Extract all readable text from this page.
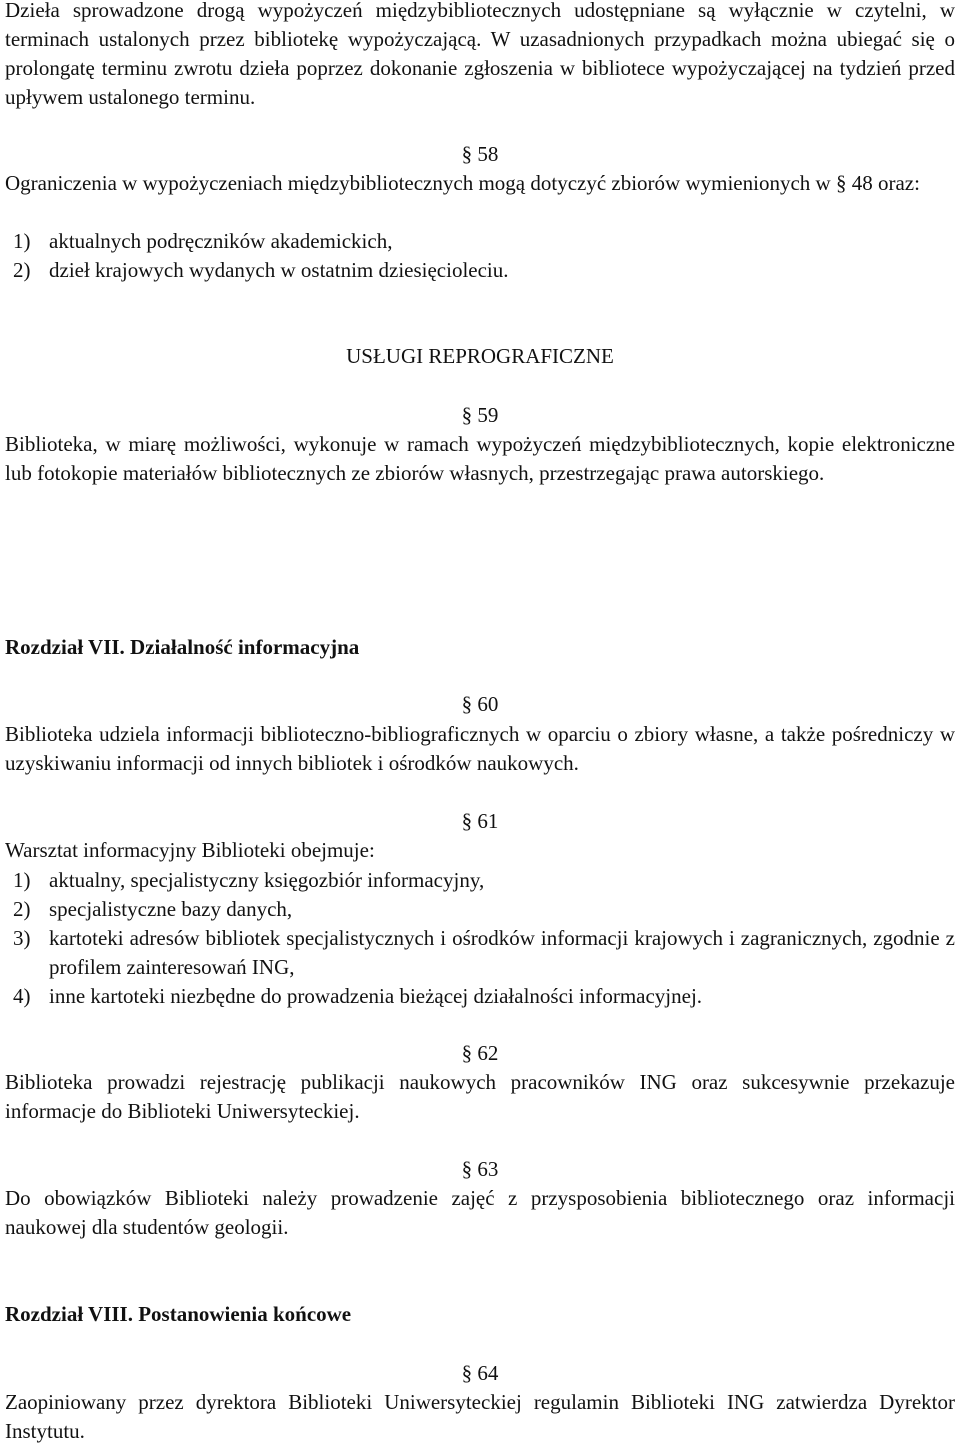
Dzieła sprowadzone drogą wypożyczeń międzybibliotecznych udostępniane są wyłącznie w czytelni, w terminach ustalonych przez bibliotekę wypożyczającą. W uzasadnionych przypadkach można ubiegać się o prolongatę terminu zwrotu dzieła poprzez dokonanie zgłoszenia w bibliotece wypożyczającej na tydzień przed upływem ustalonego terminu.

§ 58

Ograniczenia w wypożyczeniach międzybibliotecznych mogą dotyczyć zbiorów wymienionych w § 48 oraz:

1) aktualnych podręczników akademickich,
2) dzieł krajowych wydanych w ostatnim dziesięcioleciu.
USŁUGI REPROGRAFICZNE
§ 59

Biblioteka, w miarę możliwości, wykonuje w ramach wypożyczeń międzybibliotecznych, kopie elektroniczne lub fotokopie materiałów bibliotecznych ze zbiorów własnych, przestrzegając prawa autorskiego.

Rozdział VII. Działalność informacyjna
§ 60

Biblioteka udziela informacji biblioteczno-bibliograficznych w oparciu o zbiory własne, a także pośredniczy w uzyskiwaniu informacji od innych bibliotek i ośrodków naukowych.

§ 61

Warsztat informacyjny Biblioteki obejmuje:

1) aktualny, specjalistyczny księgozbiór informacyjny,
2) specjalistyczne bazy danych,
3) kartoteki adresów bibliotek specjalistycznych i ośrodków informacji krajowych i zagranicznych, zgodnie z profilem zainteresowań ING,
4) inne kartoteki niezbędne do prowadzenia bieżącej działalności informacyjnej.
§ 62

Biblioteka prowadzi rejestrację publikacji naukowych pracowników ING oraz sukcesywnie przekazuje informacje do Biblioteki Uniwersyteckiej.

§ 63

Do obowiązków Biblioteki należy prowadzenie zajęć z przysposobienia bibliotecznego oraz informacji naukowej dla studentów geologii.

Rozdział VIII. Postanowienia końcowe
§ 64

Zaopiniowany przez dyrektora Biblioteki Uniwersyteckiej regulamin Biblioteki ING zatwierdza Dyrektor Instytutu.
